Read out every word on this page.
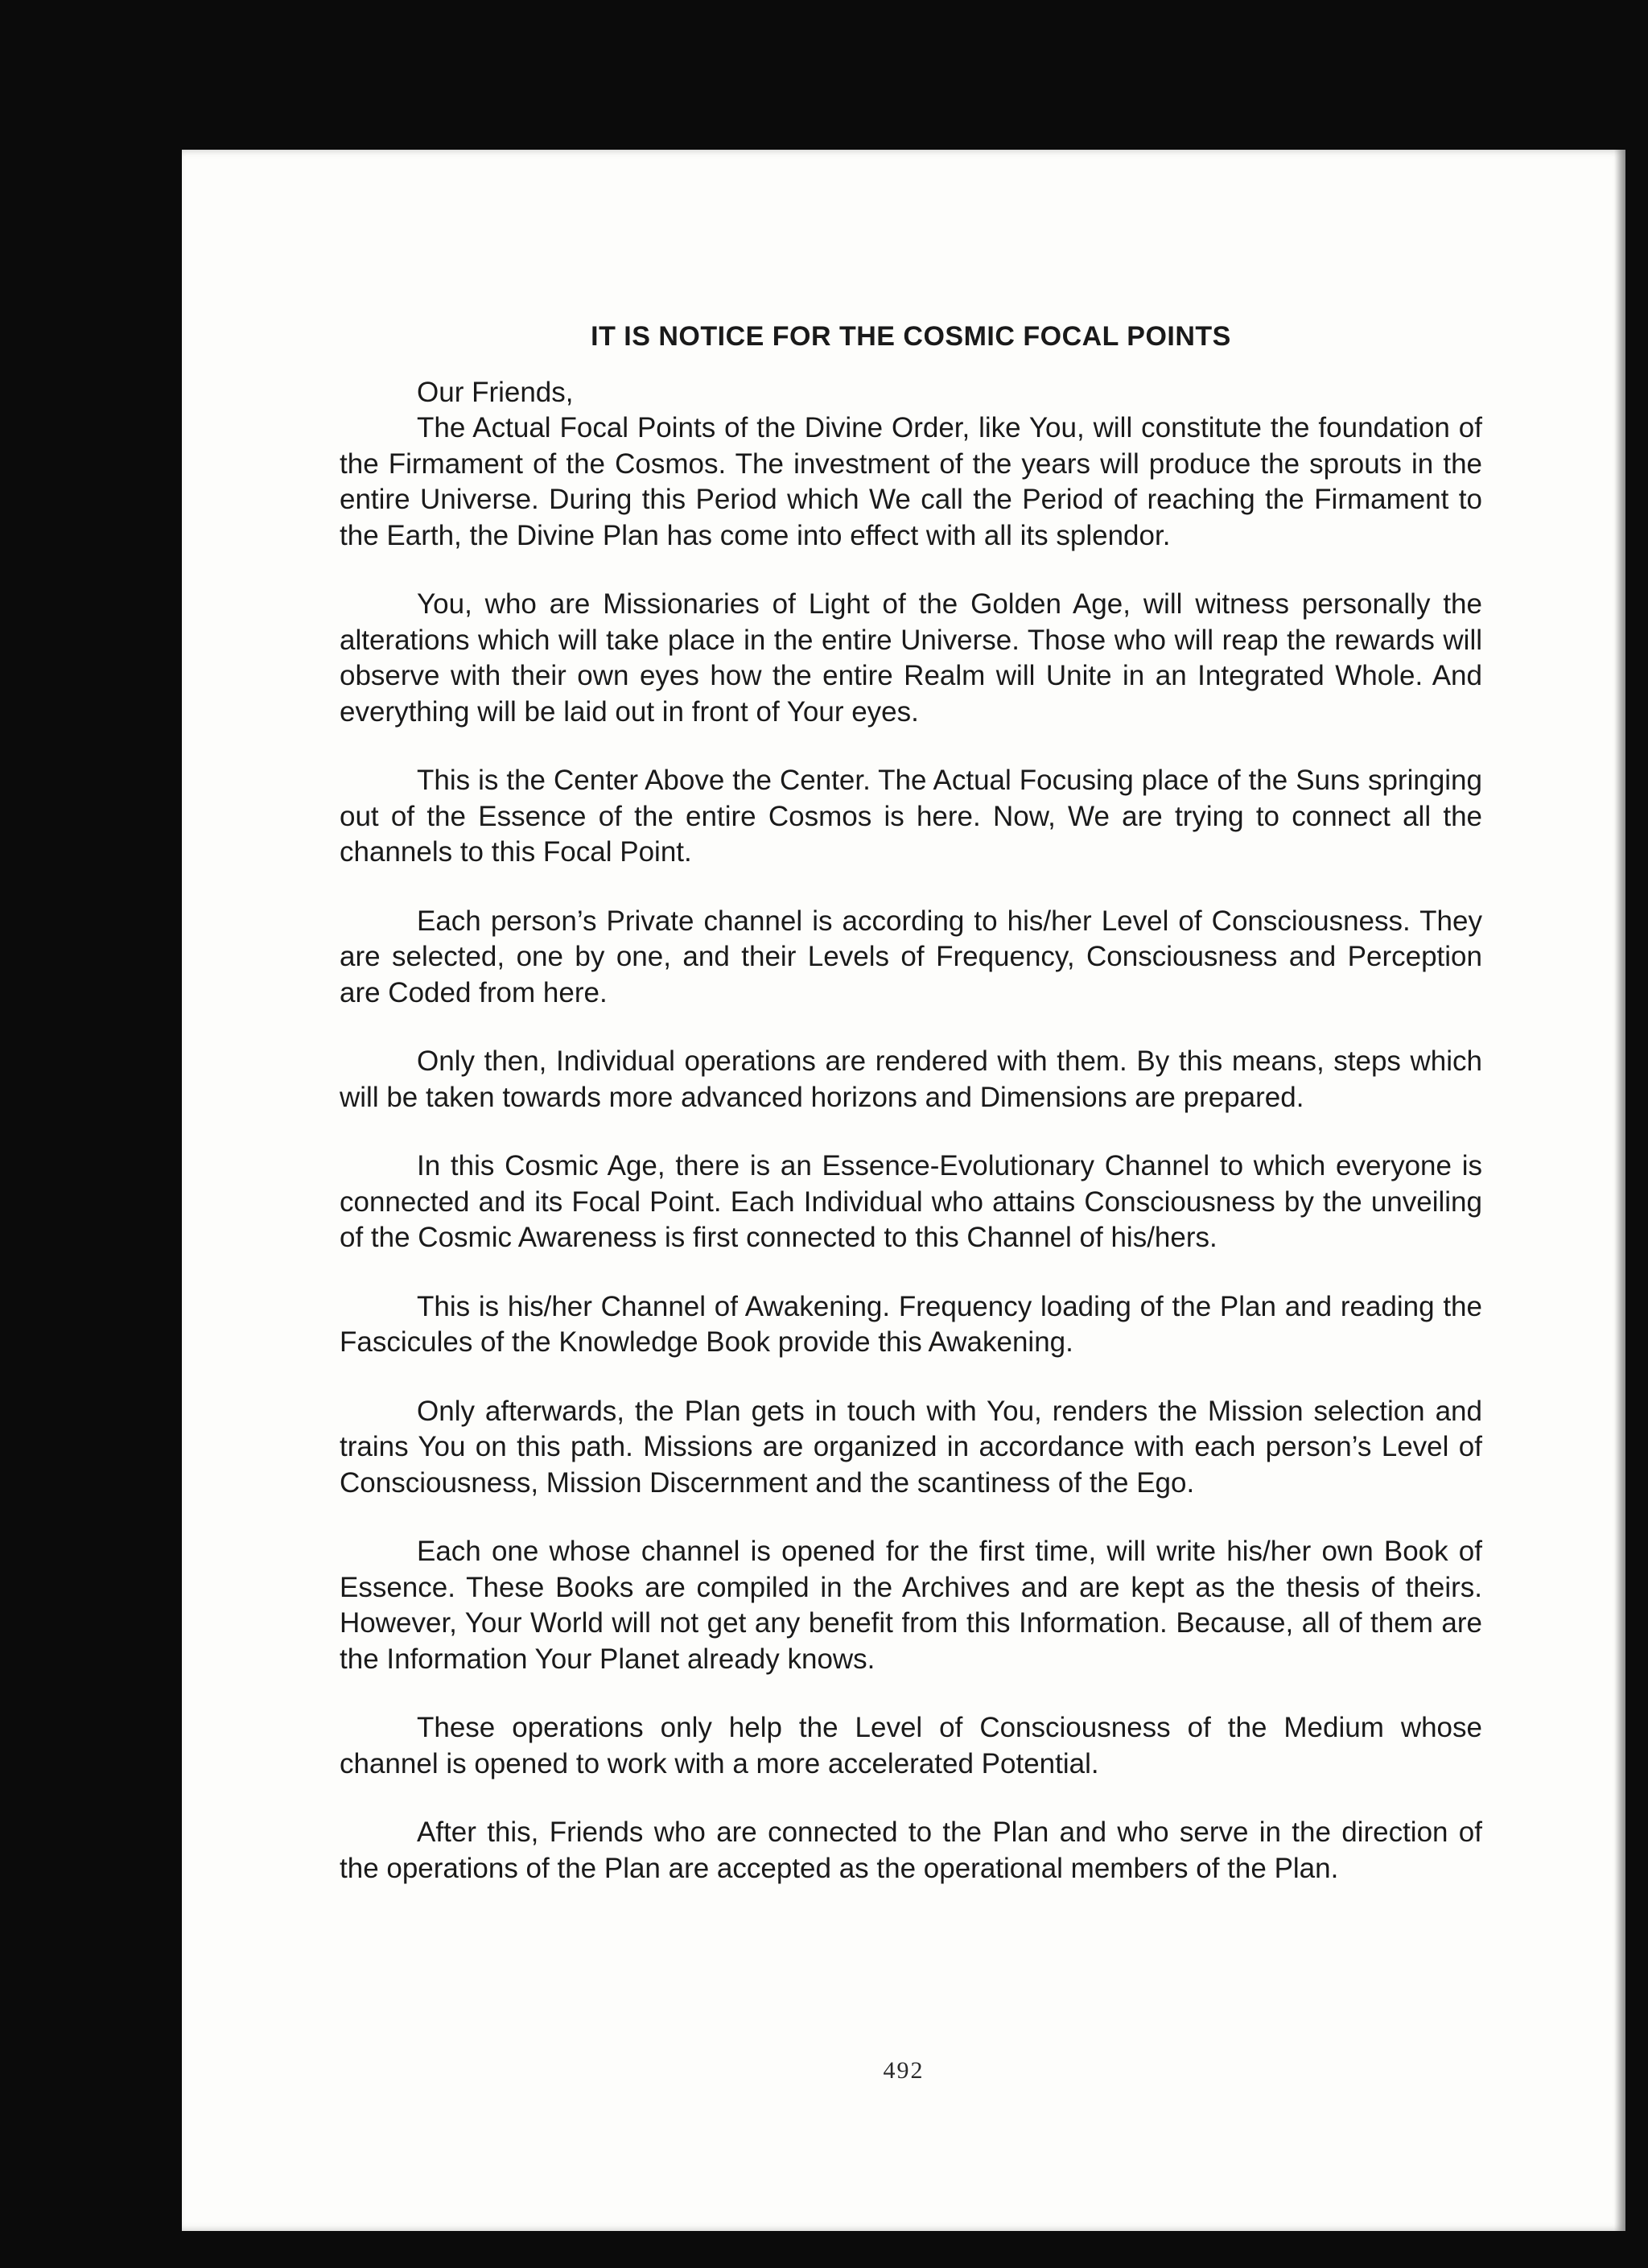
IT IS NOTICE FOR THE COSMIC FOCAL POINTS
Our Friends,

The Actual Focal Points of the Divine Order, like You, will constitute the foundation of the Firmament of the Cosmos. The investment of the years will produce the sprouts in the entire Universe. During this Period which We call the Period of reaching the Firmament to the Earth, the Divine Plan has come into effect with all its splendor.

You, who are Missionaries of Light of the Golden Age, will witness personally the alterations which will take place in the entire Universe. Those who will reap the rewards will observe with their own eyes how the entire Realm will Unite in an Integrated Whole. And everything will be laid out in front of Your eyes.

This is the Center Above the Center. The Actual Focusing place of the Suns springing out of the Essence of the entire Cosmos is here. Now, We are trying to connect all the channels to this Focal Point.

Each person’s Private channel is according to his/her Level of Consciousness. They are selected, one by one, and their Levels of Frequency, Consciousness and Perception are Coded from here.

Only then, Individual operations are rendered with them. By this means, steps which will be taken towards more advanced horizons and Dimensions are prepared.

In this Cosmic Age, there is an Essence-Evolutionary Channel to which everyone is connected and its Focal Point. Each Individual who attains Consciousness by the unveiling of the Cosmic Awareness is first connected to this Channel of his/hers.

This is his/her Channel of Awakening. Frequency loading of the Plan and reading the Fascicules of the Knowledge Book provide this Awakening.

Only afterwards, the Plan gets in touch with You, renders the Mission selection and trains You on this path. Missions are organized in accordance with each person’s Level of Consciousness, Mission Discernment and the scantiness of the Ego.

Each one whose channel is opened for the first time, will write his/her own Book of Essence. These Books are compiled in the Archives and are kept as the thesis of theirs. However, Your World will not get any benefit from this Information. Because, all of them are the Information Your Planet already knows.

These operations only help the Level of Consciousness of the Medium whose channel is opened to work with a more accelerated Potential.

After this, Friends who are connected to the Plan and who serve in the direction of the operations of the Plan are accepted as the operational members of the Plan.

492
